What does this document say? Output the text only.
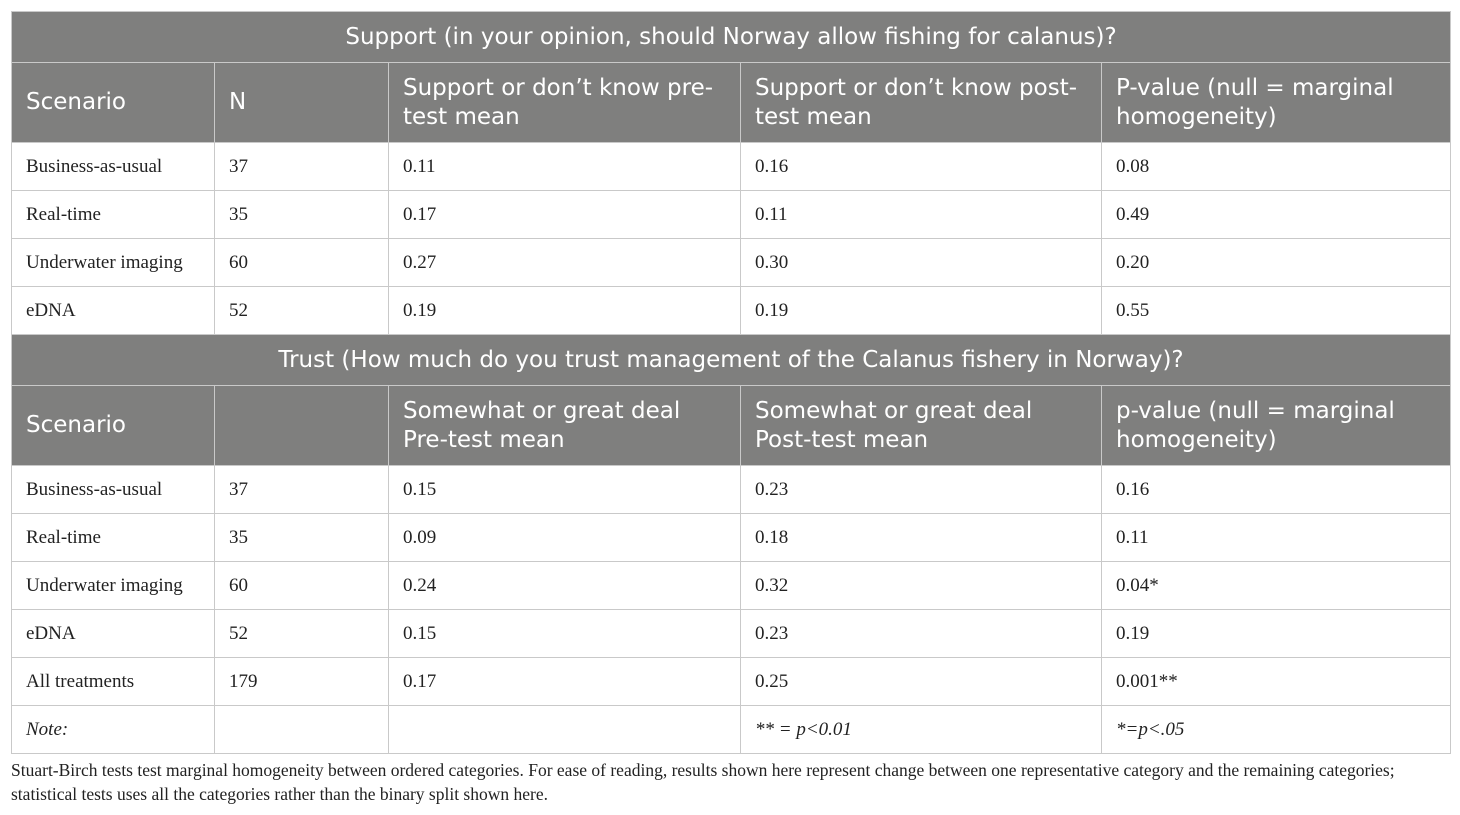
Support (in your opinion, should Norway allow fishing for calanus)?				
Scenario	N	Support or don’t know pre-test mean	Support or don’t know post-test mean	P-value (null = marginal homogeneity)
Business-as-usual	37	0.11	0.16	0.08
Real-time	35	0.17	0.11	0.49
Underwater imaging	60	0.27	0.30	0.20
eDNA	52	0.19	0.19	0.55
Trust (How much do you trust management of the Calanus fishery in Norway)?				
Scenario		Somewhat or great deal Pre-test mean	Somewhat or great deal Post-test mean	p-value (null = marginal homogeneity)
Business-as-usual	37	0.15	0.23	0.16
Real-time	35	0.09	0.18	0.11
Underwater imaging	60	0.24	0.32	0.04*
eDNA	52	0.15	0.23	0.19
All treatments	179	0.17	0.25	0.001**
Note:			** = p<0.01	*=p<.05
Stuart-Birch tests test marginal homogeneity between ordered categories. For ease of reading, results shown here represent change between one representative category and the remaining categories; statistical tests uses all the categories rather than the binary split shown here.
